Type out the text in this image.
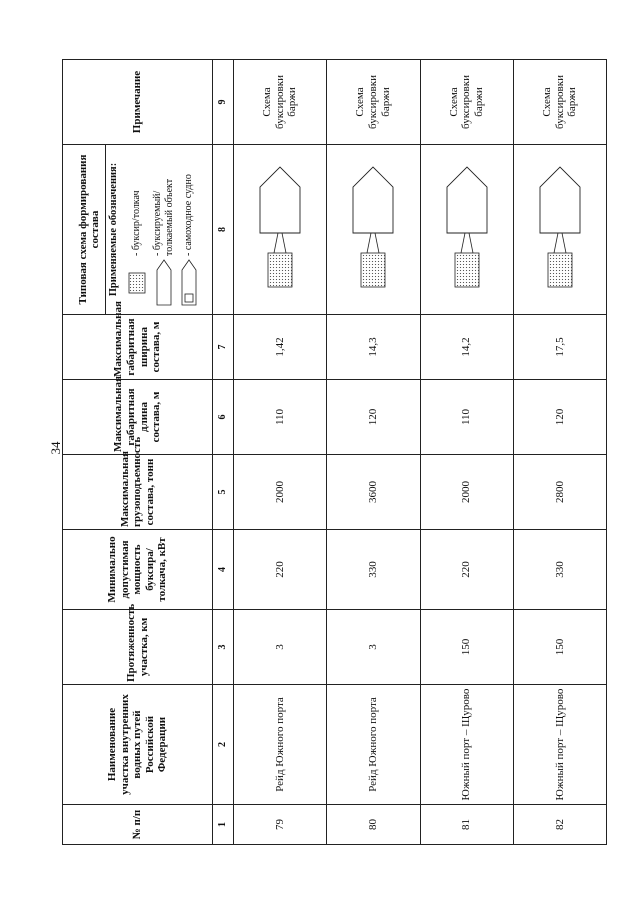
34
№ п/п	Наименование участка внутренних водных путей Российской Федерации	Протяженность участка, км	Минимально допустимая мощность буксира/толкача, кВт	Максимальная грузоподъемность состава, тонн	Максимальная габаритная длина состава, м	Максимальная габаритная ширина состава, м	Типовая схема формирования состава Применяемые обозначения: - буксир/толкач - буксируемый/ толкаемый объект - самоходное судно	Примечание
1	2	3	4	5	6	7	8	9
79	Рейд Южного порта	3	220	2000	110	1,42		Схема буксировки баржи
80	Рейд Южного порта	3	330	3600	120	14,3		Схема буксировки баржи
81	Южный порт – Щурово	150	220	2000	110	14,2		Схема буксировки баржи
82	Южный порт – Щурово	150	330	2800	120	17,5		Схема буксировки баржи
